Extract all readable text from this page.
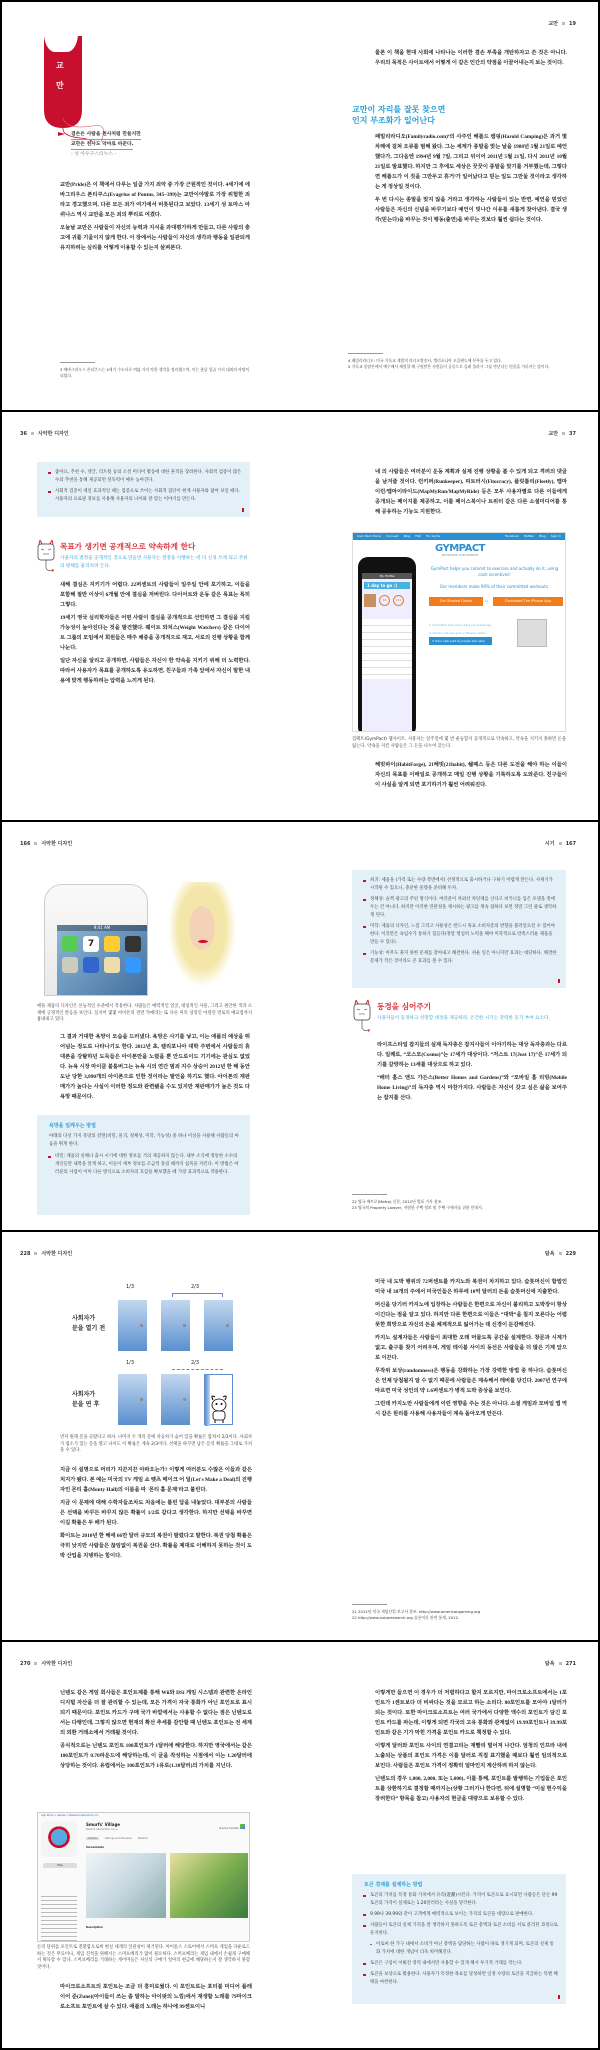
교
만
겸손은 사람을 천사처럼 만들지만
교만은 천사도 악마로 바꾼다.

- 성 아우구스티누스 -

교만(Pride)은 이 책에서 다루는 일곱 가지 죄악 중 가장 근원적인 것이다. 4세기에 에바그리우스 폰티쿠스(Evagrius of Pontus, 345~399)는 교만이야말로 가장 위험한 죄라고 경고했으며, 다른 모든 죄가 여기에서 비롯된다고 보았다. 13세기 성 토마스 아퀴나스 역시 교만을 모든 죄의 뿌리로 여겼다.

오늘날 교만은 사람들이 자신의 능력과 지식을 과대평가하게 만들고, 다른 사람의 충고에 귀를 기울이지 않게 한다. 이 장에서는 사람들이 자신의 생각과 행동을 일관되게 유지하려는 심리를 어떻게 이용할 수 있는지 살펴본다.

3 에바그리우스 폰티쿠스는 4세기 수도사로 여덟 가지 악한 생각을 정리했으며, 이는 훗날 일곱 가지 대죄의 바탕이 되었다.
교만 19
물론 이 책을 현대 사회에 나타나는 이러한 겸손 부족을 개탄하자고 쓴 것은 아니다. 우리의 목적은 사이트에서 어떻게 이 같은 인간의 약점을 이끌어내는지 보는 것이다.
교만이 자리를 잘못 찾으면
인지 부조화가 일어난다

패밀리라디오(Familyradio.com)⁴의 사주인 해롤드 캠핑(Harold Camping)은 과거 몇 차례에 걸쳐 오류를 범해 왔다. 그는 세계가 종말을 맞는 날을 1988년 5월 21일로 예언했다가, 그다음엔 1994년 9월 7일, 그리고 뒤이어 2011년 5월 21일, 다시 2011년 10월 21일로 발표했다. 하지만 그 후에도 세상은 꿋꿋이 종말을 맞기를 거부했는데, 그렇다면 해롤드가 이 짓을 그만두고 휴거⁵가 일어났다고 믿는 일도 그만둘 것이라고 생각하는 게 정상일 것이다.

두 번 다시는 종말을 맞지 않을 거라고 생각하는 사람들이 있는 반면, 예언을 믿었던 사람들은 자신의 신념을 바꾸기보다 예언이 빗나간 이유를 새롭게 찾아낸다. 결국 생각(믿는다)을 바꾸는 것이 행동(출연)을 바꾸는 것보다 훨씬 쉽다는 것이다.

4 패밀리라디오: 미국 기독교 계열의 라디오방송사, 캘리포니아 오클랜드에 본부를 두고 있다.
5 기독교 종말론에서 예수께서 재림할 때 구원받은 사람들이 공중으로 들려 올라가 그를 만난다는 믿음을 가리키는 말이다.
36 사악한 디자인
좋아요, 추천 수, 댓글, 리트윗 등의 소셜 미디어 활동에 대한 흔적을 장려한다. 사회적 검증이 많은 수의 추천을 통해 제공되면 설득력이 매우 높아진다.
사회적 검증이 제일 효과적일 때는 검증으로 쓰이는 사회적 집단이 현재 사용자와 닮아 보일 때다. 사용자의 프로필 정보를 사용해 사용자의 나이와 잘 맞는 이야기를 만든다.
목표가 생기면 공개적으로 약속하게 한다
사용자의 결정을 공개적인 것으로 만들면 사용자는 결정을 이행하는 데 더 신경 쓰게 되고 주위의 방해를 물리치려 든다.

새해 결심은 지키기가 어렵다. 22퍼센트의 사람들이 일주일 안에 포기하고, 이들을 포함해 절반 이상이 6개월 안에 결심을 저버린다. 다이어트와 운동 같은 목표는 특히 그렇다.

19세기 영국 심리학자들은 어떤 사람이 결심을 공개적으로 선언하면 그 결심을 지킬 가능성이 높아진다는 것을 발견했다. 웨이트 와처스(Weight Watchers) 같은 다이어트 그룹의 모임에서 회원들은 매주 체중을 공개적으로 재고, 서로의 진행 상황을 함께 나눈다.

일단 자신을 알리고 공개하면, 사람들은 자신이 한 약속을 지키기 위해 더 노력한다. 따라서 사용자가 목표를 공개하도록 유도하면, 친구들과 가족 앞에서 자신이 말한 내용에 맞게 행동하려는 압력을 느끼게 된다.

교만 37
네 의 사람들은 여러분이 운동 계획과 실제 진행 상황을 볼 수 있게 되고 격려의 댓글을 남겨줄 것이다. 런키퍼(Runkeeper), 피트러시(Fitocracy), 플릿틀리(Fleetly), 맵마이런/맵마이라이드(MapMyRun/MapMyRide) 등은 모두 사용자별로 다른 이들에게 공개되는 페이지를 제공하고, 이를 페이스북이나 트위터 같은 다른 소셜미디어를 통해 공유하는 기능도 지원한다.
Gym Pact Home Concept Blog FAQ For Gyms	Facebook Twitter Blog Sign In
GYMPACT
INCENTIVIZE YOUR EXERCISE
My Profile
1 day to go :)
68	131
GymPact helps you commit to exercise and actually do it, using cash incentives!
Our members make 90% of their committed workouts.
Get Started Online	or	Download The iPhone App
1. Commit to how many days you'll exercise.
2. Check in at any gym or fitness center.
3. Earn cash paid by people who skip!
짐팩트(GymPact) 웹사이트. 사용자는 일주일에 몇 번 운동할지 공개적으로 약속하고, 약속을 지키지 못하면 돈을 잃는다. 약속을 지킨 사람들은 그 돈을 나누어 갖는다.
해빗파이(HabitForge), 21해빗(21habit), 쉘패스 등은 다른 도전을 해야 하는 이들이 자신의 목표를 이메일로 공개하고 매일 진행 상황을 기록하도록 도와준다. 친구들이 이 사실을 알게 되면 포기하기가 훨씬 어려워진다.
166 사악한 디자인
9:41 AM
7
애플 제품의 디자인은 본능적인 수준에서 작용한다. 사람들은 매력적인 얼굴, 대칭적인 사물, 그리고 편안한 색과 소재에 긍정적인 반응을 보인다. 심지어 몇몇 아이폰의 전면 카메라는 또 다른 미의 상징인 마릴린 먼로의 애교점까지 흉내내고 있다.
그 결과 거대한 욕망이 모습을 드러냈다. 욕망은 사기를 낳고, 이는 애플의 예상을 뛰어넘는 정도로 나타나기도 한다. 2012년 초, 캘리포니아 대학 주변에서 사람들의 휴대폰을 강탈하던 도둑들은 아이폰만을 노렸을 뿐 안드로이드 기기에는 관심도 없었다. 뉴욕 시장 마이클 블룸버그는 뉴욕 시의 연간 범죄 지수 상승이 2012년 한 해 동안 도난 당한 3,890개의 아이폰으로 인한 것이라는 발언을 하기도 했다. 아이폰의 재판매가가 높다는 사실이 이러한 정도와 관련됐을 수도 있지만 재판매가가 높은 것도 다 욕망 때문이다.
욕망을 일깨우는 방법
아래의 다섯 가지 욕망의 겉면(비밀, 물귀, 정체성, 미학, 기능성) 중 하나 이상을 사용해 사람들의 마음을 뛰게 한다.
비밀: 제품의 실체나 출시 시기에 대한 정보를 거의 제공하지 않는다. 내부 소식에 정통한 소수의 개인들만 내막을 알게 하고, 이들이 세부 정보를 조금씩 흘릴 때까지 침묵을 지킨다. 이 방법은 여러분의 사업이 이미 다른 방식으로 소비자의 호감을 확보했을 때 가장 효과적으로 작용한다.
시기 167
희귀: 제품을 (가격 또는 수량 측면에서) 선정적으로 출시하거나 구하기 어렵게 만든다. 사재기가 시작될 수 있으니, 충분한 물량을 준비해 두자.
정체성: 슬쩍 광고의 주된 방식이다. 여러분이 자외선 차단제를 산다고 비키니를 입은 모델을 곁에 두는 건 아니다. 하지만 이러한 연관성을 제시하는 광고를 계속 접하다 보면 정말 그런 줄로 생각하게 된다.
미학: 제품의 디자인, 느낌 그리고 사용성은 반드시 목표 소비자층의 반향을 불러일으킬 수 있어야 한다. 이것만은 속임수가 통하기 힘들다(정말 열심히 노력을 해야 미학적으로 만족스러운 제품을 만들 수 있다).
기능성: 아무도 풀지 못한 문제를 찾아내고 해결한다. 쉬운 일은 아니지만 효과는 대단하다. 해결한 문제가 작은 것이라도 큰 효과를 볼 수 있다.
동경을 심어주기
사용자들이 동경하고 선망할 대상을 제공하라. 온건한 시기는 강력한 동기 부여 요소다.

라이프스타일 잡지들의 실제 독자층은 잡지사들이 이야기하는 대상 독자층과는 다르다. 일례로, “코스모(Cosmo)”는 17세가 대상이다. “저스트 17(Just 17)”은 17세가 되기를 갈망하는 13세를 대상으로 하고 있다.

“배터 홈스 앤드 가든스(Better Homes and Gardens)”와 “모바일 홈 리빙(Mobile Home Living)”의 독자층 역시 마찬가지다. 사람들은 자신이 갖고 싶은 삶을 보여주는 잡지를 산다.

22 영국 메트로(Metro) 신문, 2012년 발표 기사 참조.
23 영국의 Property Lawyer, 저렴한 주택 정보 및 주택 구매자를 위한 안내서.
228 사악한 디자인
1/3	2/3
사회자가
문을 열기 전
1/3	2/3
사회자가
문을 연 후
먼저 원래 문을 골랐다고 하자. 나머지 두 개의 문에 자동차가 숨어 있을 확률은 합쳐서 2/3이다. 사회자가 염소가 있는 문을 열고 나서도 이 확률은 계속 2/3이다. 선택을 바꾸면 남은 문의 확률을 그대로 가져올 수 있다.

지금 이 설명으로 머리가 지끈지끈 아파오는가? 이렇게 여러분도 수많은 이들과 같은 처지가 됐다. 본 예는 미국의 TV 게임 쇼 렛츠 메이크 어 딜(Let's Make a Deal)의 진행자인 몬티 홀(Monty Hall)의 이름을 따 '몬티 홀 문제'라고 불린다.

지금 이 문제에 대해 수학자들조차도 처음에는 틀린 답을 내놓았다. 대부분의 사람들은 선택을 바꾸든 바꾸지 않든 확률이 1/2로 같다고 생각한다. 하지만 선택을 바꾸면 이길 확률은 두 배가 된다.

화이트는 2010년 한 해에 66만 달러 규모의 복권이 팔렸다고 말한다. 복권 당첨 확률은 극히 낮지만 사람들은 끊임없이 복권을 산다. 확률을 제대로 이해하지 못하는 것이 도박 산업을 지탱하는 힘이다.

탐욕 229

미국 내 도박 행위의 72퍼센트를 카지노와 복권이 차지하고 있다. 슬롯머신이 합법인 미국 내 38개의 주에서 미국인들은 하루에 10억 달러의 돈을 슬롯머신에 지출한다.

머신을 당기러 카지노에 입장하는 사람들은 한편으로 자신이 불리하고 도박장이 항상 이긴다는 점을 알고 있다. 하지만 다른 한편으로 이들은 “대박”을 칠지 모른다는 어렴풋한 희망으로 자신의 돈을 체계적으로 잃어가는 데 신경이 둔감해진다.

카지노 설계자들은 사람들이 최대한 오래 머물도록 공간을 설계한다. 창문과 시계가 없고, 출구를 찾기 어려우며, 게임 테이블 사이의 동선은 사람들을 더 많은 기계 앞으로 이끈다.

무작위 보상(randomness)은 행동을 강화하는 가장 강력한 방법 중 하나다. 슬롯머신은 언제 당첨될지 알 수 없기 때문에 사람들은 계속해서 레버를 당긴다. 2007년 연구에 따르면 미국 성인의 약 1.6퍼센트가 병적 도박 증상을 보인다.

그런데 카지노만 사람들에게 이런 영향을 주는 것은 아니다. 소셜 게임과 모바일 앱 역시 같은 원리를 사용해 사용자들이 계속 돌아오게 만든다.

21 2012년 미국 게임산업 보고서 참조. http://www.americangaming.org
22 http://www.nsbaresearch.org 슬롯머신 관련 통계, 2012.
270 사악한 디자인

닌텐도 같은 게임 회사들은 포인트제를 통해 Wii와 DSi 게임 시스템과 관련한 온라인 디지털 자산을 더 잘 관리할 수 있는데, 모든 가격이 자국 통화가 아닌 포인트로 표시되기 때문이다. 포인트 카드가 구매 국가 바깥에서는 사용할 수 없다는 점은 닌텐도로서는 다행인데, 그렇지 않으면 현재의 확산 추세를 감안할 때 닌텐도 포인트는 전 세계의 외환 거래소에서 거래될 것이다.

공식적으로는 닌텐도 포인트 100포인트가 1달러에 해당한다. 하지만 영국에서는 같은 100포인트가 0.70파운드에 해당하는데, 이 글을 작성하는 시점에서 이는 1.20달러에 상당하는 것이다. 유럽에서는 100포인트가 1유로(1.30달러)의 가치를 지닌다.

App Store > Games > Beeline Interactive, Inc.
Free
Smurfs' Village
Beeline Interactive, Inc. ▸	Game Center
Details	Ratings and Reviews Related
Screenshots
Description
돈의 단위를 포인트로 전환함으로써 현실 세계의 일관성이 제거된다. 아이튠스 스토어에서 스머프 게임을 다운로드하는 것은 무료이나, 게임 진척을 위해서는 스머프베리가 많이 필요하다. 스머프베리는 게임 내에서 손쉽게 구매해서 획득할 수 있다. 스머프베리를 거래하는 게이머들은 자신의 구매가 얼마의 현금에 해당하는지 잘 생각하지 못할 것이다.
마이크로소프트의 포인트는 조금 더 흥미로웠다. 이 포인트로는 포터블 미디어 플레이어 준(Zune)(아이들이 쓰는 좀 말하는 아이팟의 느낌)에서 재생할 노래를 79마이크로소프트 포인트에 살 수 있다. 애플의 노래는 하나에 99센트이니
탐욕 271

이렇게만 들으면 이 경우가 더 저렴하다고 할지 모르지만, 마이크로소프트에서는 1포인트가 1센트보다 더 비싸다는 것을 모르고 하는 소리다. 80포인트를 모아야 1달러가 되는 것이다. 또한 마이크로소프트는 여러 국가에서 다양한 액수의 포인트가 담긴 포인트 카드를 파는데, 이렇게 되면 각국의 고유 통화와 관계없이 19.99포인트나 39.99포인트와 같은 기가 막힌 가격을 포인트 카드로 책정할 수 있다.

이렇게 달러와 포인트 사이의 연결고리는 재빨리 멀어져 나간다. 엄청의 인프라 내에 노출되는 상품의 포인트 가격은 이를 달러로 직접 표기했을 때보다 훨씬 임의적으로 보인다. 사람들은 포인트 가격이 정확히 얼마인지 계산하려 하지 않는다.

닌텐도의 경우 1,000, 2,000, 또는 5,000), 이를 통해, 포인트를 발행하는 기업들은 포인트를 상환하기로 결정할 때까지는(상황 그러기나 한다면, 뒤에 설명할 “미실 현수익을 장려한다” 항목을 참고) 사용자의 현금을 대량으로 보유할 수 있다.

토큰 경제를 설계하는 방법
토큰의 가치를 특정 통화 가치에서 유리(遊離)시킨다. 가격이 토큰으로 표시되면 사람들은 단돈 99토큰의 가격이 실제로는 1.20달러라는 사실을 망각한다.
9.99나 39.99와 같이 고객에게 매력적으로 보이는 가격의 토큰을 대량으로 판매한다.
사람들이 토큰의 실제 가격을 잘 생각하지 못하도록 토큰 총액과 토큰 소비를 서로 분리된 과정으로 유지한다.
이로써 한 가구 내에서 소비가 아닌 총액을 담당하는 사람이 따로 생기게 되며, 토큰의 실제 통화 가치에 대한 개념이 더욱 희미해진다.
토큰은 구입이 이뤄진 영역 내에서만 사용할 수 있게 해서 투기적 거래를 막는다.
토큰을 보상으로 활용한다. 사용자가 특정한 목표를 달성하면 일정 수량의 토큰을 지급하는 특별 혜택을 마련한다.
